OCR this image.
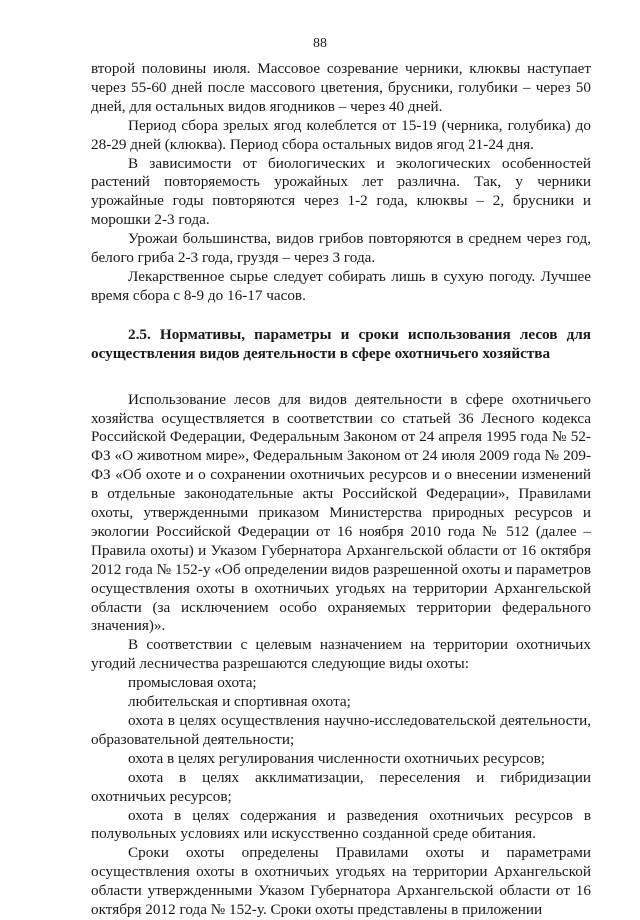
88

второй половины июля. Массовое созревание черники, клюквы наступает через 55-60 дней после массового цветения, брусники, голубики – через 50 дней, для остальных видов ягодников – через 40 дней.

Период сбора зрелых ягод колеблется от 15-19 (черника, голубика) до 28-29 дней (клюква). Период сбора остальных видов ягод 21-24 дня.

В зависимости от биологических и экологических особенностей растений повторяемость урожайных лет различна. Так, у черники урожайные годы повторяются через 1-2 года, клюквы – 2, брусники и морошки 2-3 года.

Урожаи большинства, видов грибов повторяются в среднем через год, белого гриба 2-3 года, груздя – через 3 года.

Лекарственное сырье следует собирать лишь в сухую погоду. Лучшее время сбора с 8-9 до 16-17 часов.

2.5. Нормативы, параметры и сроки использования лесов для осуществления видов деятельности в сфере охотничьего хозяйства

Использование лесов для видов деятельности в сфере охотничьего хозяйства осуществляется в соответствии со статьей 36 Лесного кодекса Российской Федерации, Федеральным Законом от 24 апреля 1995 года № 52-ФЗ «О животном мире», Федеральным Законом от 24 июля 2009 года № 209-ФЗ «Об охоте и о сохранении охотничьих ресурсов и о внесении изменений в отдельные законодательные акты Российской Федерации», Правилами охоты, утвержденными приказом Министерства природных ресурсов и экологии Российской Федерации от 16 ноября 2010 года № 512 (далее – Правила охоты) и Указом Губернатора Архангельской области от 16 октября 2012 года № 152-у «Об определении видов разрешенной охоты и параметров осуществления охоты в охотничьих угодьях на территории Архангельской области (за исключением особо охраняемых территории федерального значения)».

В соответствии с целевым назначением на территории охотничьих угодий лесничества разрешаются следующие виды охоты:

промысловая охота;

любительская и спортивная охота;

охота в целях осуществления научно-исследовательской деятельности, образовательной деятельности;

охота в целях регулирования численности охотничьих ресурсов;

охота в целях акклиматизации, переселения и гибридизации охотничьих ресурсов;

охота в целях содержания и разведения охотничьих ресурсов в полувольных условиях или искусственно созданной среде обитания.

Сроки охоты определены Правилами охоты и параметрами осуществления охоты в охотничьих угодьях на территории Архангельской области утвержденными Указом Губернатора Архангельской области от 16 октября 2012 года № 152-у. Сроки охоты представлены в приложении
